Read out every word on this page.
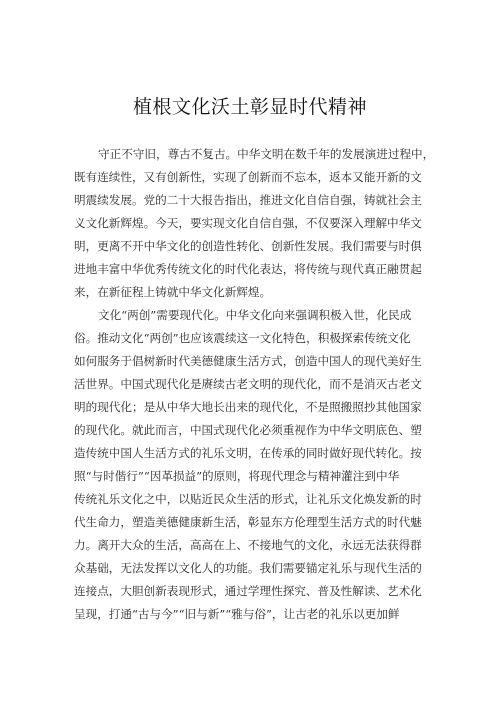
植根文化沃土彰显时代精神
守正不守旧，尊古不复古。中华文明在数千年的发展演进过程中，
既有连续性，又有创新性，实现了创新而不忘本，返本又能开新的文
明震续发展。党的二十大报告指出，推进文化自信自强，铸就社会主
义文化新辉煌。今天，要实现文化自信自强，不仅要深入理解中华文
明，更离不开中华文化的创造性转化、创新性发展。我们需要与时俱
进地丰富中华优秀传统文化的时代化表达，将传统与现代真正融贯起
来，在新征程上铸就中华文化新辉煌。
文化“两创”需要现代化。中华文化向来强调积极入世，化民成
俗。推动文化“两创”也应该震续这一文化特色，积极探索传统文化
如何服务于倡树新时代美德健康生活方式，创造中国人的现代美好生
活世界。中国式现代化是赓续古老文明的现代化，而不是消灭古老文
明的现代化；是从中华大地长出来的现代化，不是照搬照抄其他国家
的现代化。就此而言，中国式现代化必须重视作为中华文明底色、塑
造传统中国人生活方式的礼乐文明，在传承的同时做好现代转化。按
照“与时偕行”“因革损益”的原则，将现代理念与精神灌注到中华
传统礼乐文化之中，以贴近民众生活的形式，让礼乐文化焕发新的时
代生命力，塑造美德健康新生活，彰显东方伦理型生活方式的时代魅
力。离开大众的生活，高高在上、不接地气的文化，永远无法获得群
众基础，无法发挥以文化人的功能。我们需要锚定礼乐与现代生活的
连接点，大胆创新表现形式，通过学理性探究、普及性解读、艺术化
呈现，打通“古与今”“旧与新”“雅与俗”，让古老的礼乐以更加鲜
